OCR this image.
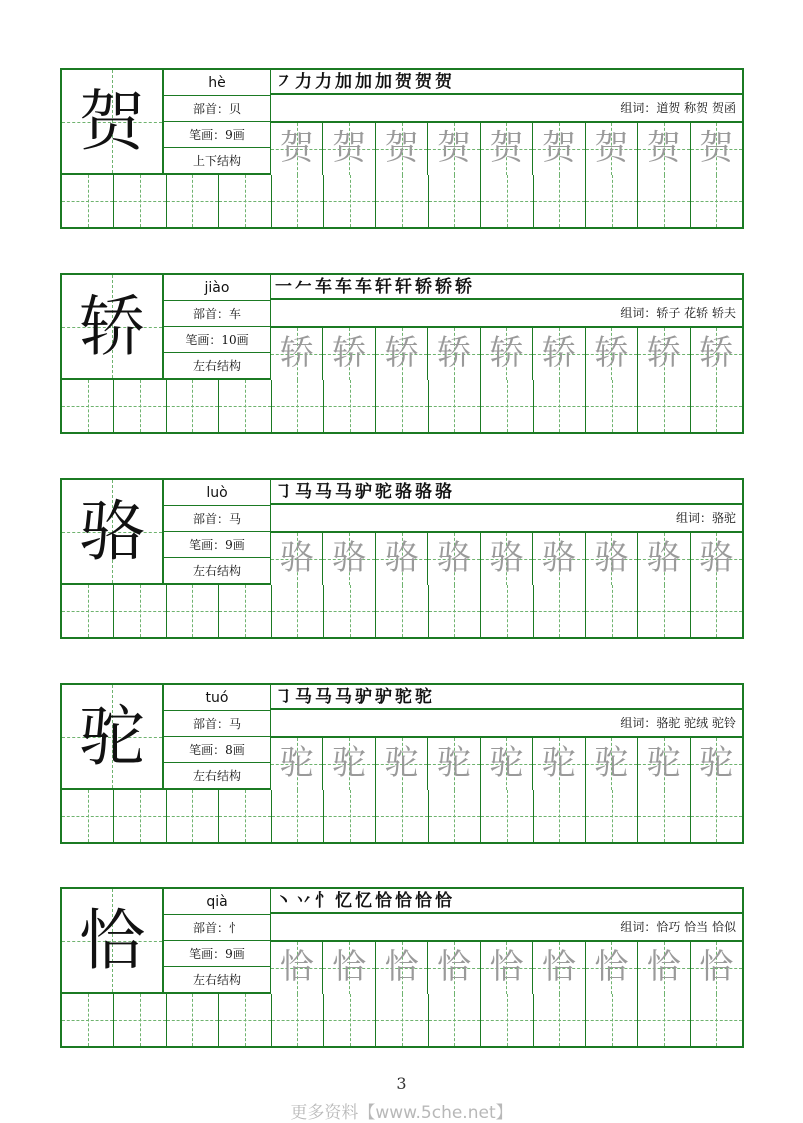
贺	hè
部首：贝
笔画：9画
上下结构
㇇ 力 力 加 加 加 贺 贺 贺
组词：道贺 称贺 贺函
贺 贺 贺 贺 贺 贺 贺 贺 贺
轿	jiào
部首：车
笔画：10画
左右结构
一 𠂉 车 车 车 轩 轩 轿 轿 轿
组词：轿子 花轿 轿夫
轿 轿 轿 轿 轿 轿 轿 轿 轿
骆	luò
部首：马
笔画：9画
左右结构
㇆ 马 马 马 驴 驼 骆 骆 骆
组词：骆驼
骆 骆 骆 骆 骆 骆 骆 骆 骆
驼	tuó
部首：马
笔画：8画
左右结构
㇆ 马 马 马 驴 驴 驼 驼
组词：骆驼 驼绒 驼铃
驼 驼 驼 驼 驼 驼 驼 驼 驼
恰	qià
部首：忄
笔画：9画
左右结构
丶 丷 忄 忆 忆 恰 恰 恰 恰
组词：恰巧 恰当 恰似
恰 恰 恰 恰 恰 恰 恰 恰 恰
3
更多资料【www.5che.net】
